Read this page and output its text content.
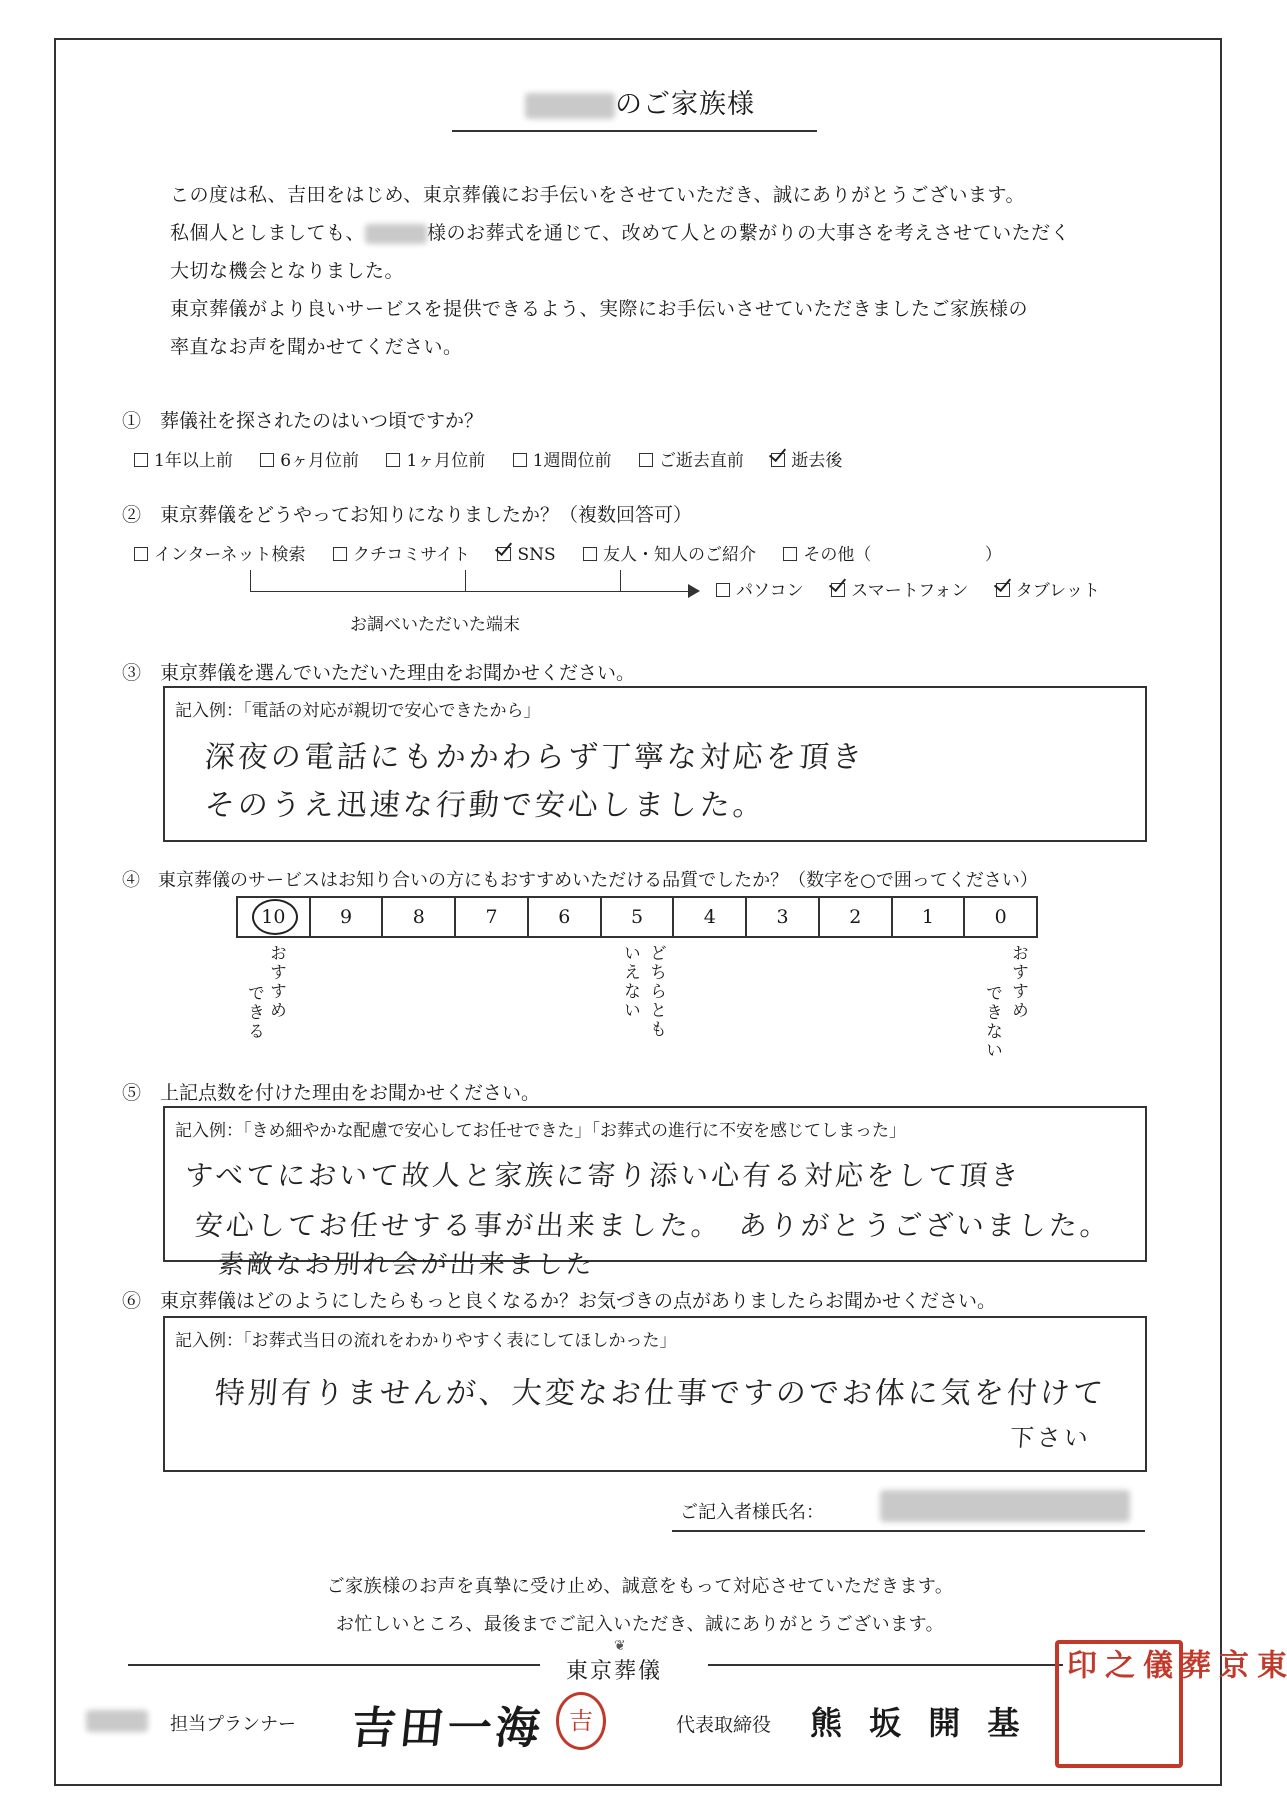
のご家族様
この度は私、吉田をはじめ、東京葬儀にお手伝いをさせていただき、誠にありがとうございます。
私個人としましても、	様のお葬式を通じて、改めて人との繋がりの大事さを考えさせていただく
大切な機会となりました。
東京葬儀がより良いサービスを提供できるよう、実際にお手伝いさせていただきましたご家族様の
率直なお声を聞かせてください。
①　葬儀社を探されたのはいつ頃ですか？
1年以上前	6ヶ月位前	1ヶ月位前	1週間位前	ご逝去直前	逝去後
②　東京葬儀をどうやってお知りになりましたか？（複数回答可）
インターネット検索	クチコミサイト	SNS	友人・知人のご紹介	その他（	）
パソコン	スマートフォン	タブレット
お調べいただいた端末
③　東京葬儀を選んでいただいた理由をお聞かせください。
記入例：「電話の対応が親切で安心できたから」
深夜の電話にもかかわらず丁寧な対応を頂き
そのうえ迅速な行動で安心しました。
④　東京葬儀のサービスはお知り合いの方にもおすすめいただける品質でしたか？（数字を○で囲ってください）
10	9	8	7	6	5	4	3	2	1	0
おすすめ
できる	どちらとも
いえない	おすすめ
できない
⑤　上記点数を付けた理由をお聞かせください。
記入例：「きめ細やかな配慮で安心してお任せできた」「お葬式の進行に不安を感じてしまった」
すべてにおいて故人と家族に寄り添い心有る対応をして頂き
安心してお任せする事が出来ました。　ありがとうございました。
素敵なお別れ会が出来ました
⑥　東京葬儀はどのようにしたらもっと良くなるか？お気づきの点がありましたらお聞かせください。
記入例：「お葬式当日の流れをわかりやすく表にしてほしかった」
特別有りませんが、大変なお仕事ですのでお体に気を付けて
下さい
ご記入者様氏名：
ご家族様のお声を真摯に受け止め、誠意をもって対応させていただきます。
お忙しいところ、最後までご記入いただき、誠にありがとうございます。
❦
東京葬儀
担当プランナー 吉田一海 吉	代表取締役 熊 坂 開 基
東京葬儀之印
